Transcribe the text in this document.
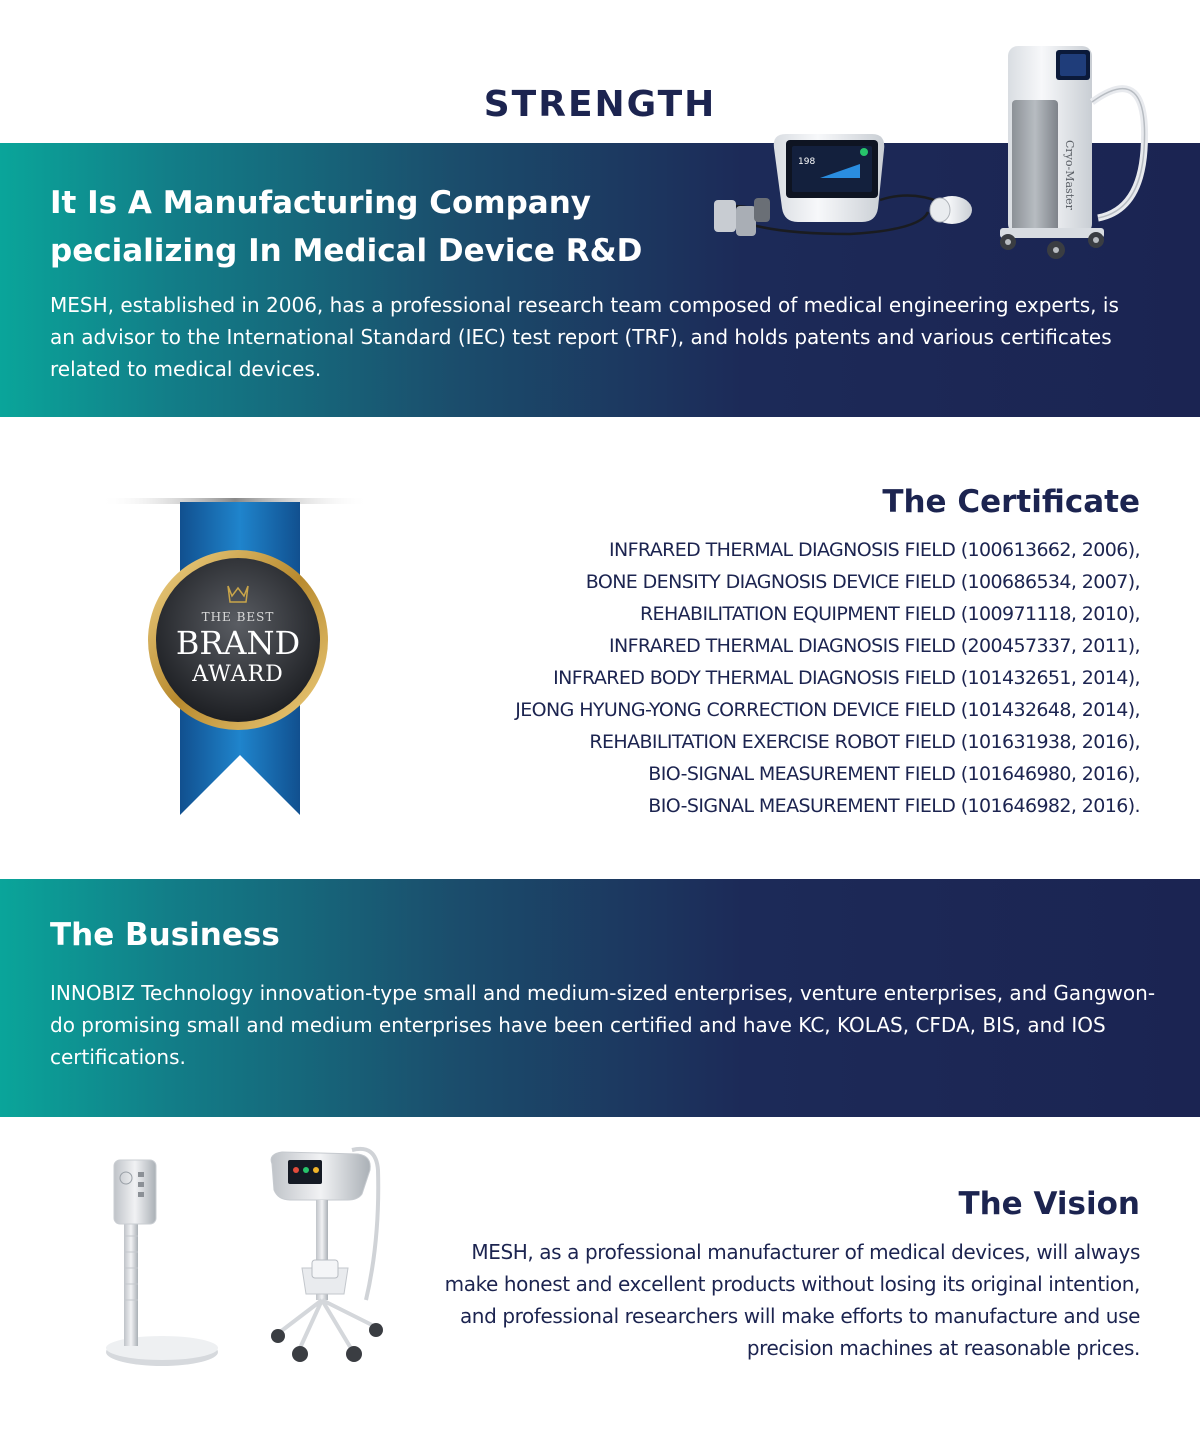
STRENGTH
It Is A Manufacturing Company
pecializing In Medical Device R&D

MESH, established in 2006, has a professional research team composed of medical engineering experts, is an advisor to the International Standard (IEC) test report (TRF), and holds patents and various certificates related to medical devices.

Cryo-Master
198
THE BEST
BRAND
AWARD
The Certificate
INFRARED THERMAL DIAGNOSIS FIELD (100613662, 2006),
BONE DENSITY DIAGNOSIS DEVICE FIELD (100686534, 2007),
REHABILITATION EQUIPMENT FIELD (100971118, 2010),
INFRARED THERMAL DIAGNOSIS FIELD (200457337, 2011),
INFRARED BODY THERMAL DIAGNOSIS FIELD (101432651, 2014),
JEONG HYUNG-YONG CORRECTION DEVICE FIELD (101432648, 2014),
REHABILITATION EXERCISE ROBOT FIELD (101631938, 2016),
BIO-SIGNAL MEASUREMENT FIELD (101646980, 2016),
BIO-SIGNAL MEASUREMENT FIELD (101646982, 2016).
The Business

INNOBIZ Technology innovation-type small and medium-sized enterprises, venture enterprises, and Gangwon-do promising small and medium enterprises have been certified and have KC, KOLAS, CFDA, BIS, and IOS certifications.

The Vision

MESH, as a professional manufacturer of medical devices, will always make honest and excellent products without losing its original intention, and professional researchers will make efforts to manufacture and use precision machines at reasonable prices.
